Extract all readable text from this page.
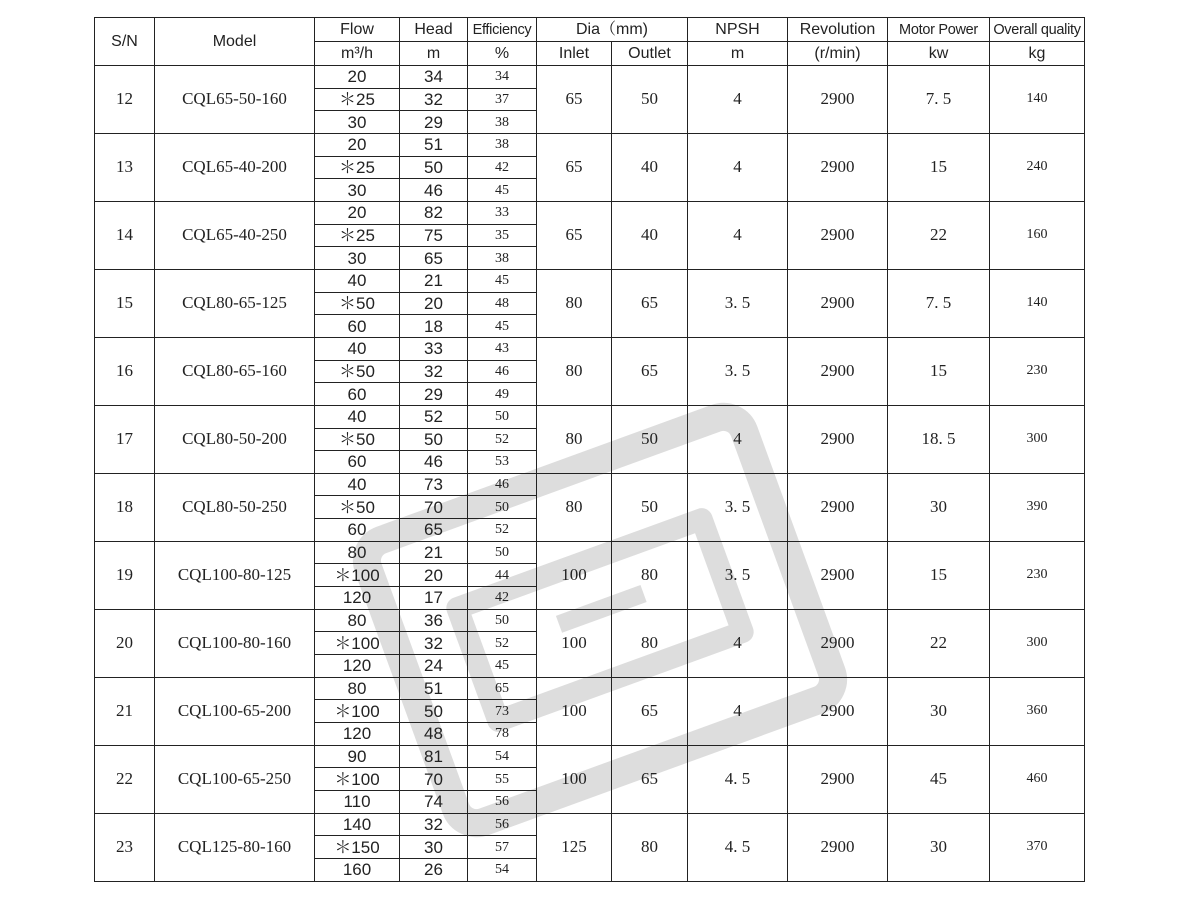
S/N	Model	Flow	Head	Efficiency	Dia（mm)		NPSH	Revolution	Motor Power	Overall quality
		m³/h	m	%	Inlet	Outlet	m	(r/min)	kw	kg
12	CQL65-50-160	20	34	34	65	50	4	2900	7. 5	140
		＊25	32	37						
		30	29	38						
13	CQL65-40-200	20	51	38	65	40	4	2900	15	240
		＊25	50	42						
		30	46	45						
14	CQL65-40-250	20	82	33	65	40	4	2900	22	160
		＊25	75	35						
		30	65	38						
15	CQL80-65-125	40	21	45	80	65	3. 5	2900	7. 5	140
		＊50	20	48						
		60	18	45						
16	CQL80-65-160	40	33	43	80	65	3. 5	2900	15	230
		＊50	32	46						
		60	29	49						
17	CQL80-50-200	40	52	50	80	50	4	2900	18. 5	300
		＊50	50	52						
		60	46	53						
18	CQL80-50-250	40	73	46	80	50	3. 5	2900	30	390
		＊50	70	50						
		60	65	52						
19	CQL100-80-125	80	21	50	100	80	3. 5	2900	15	230
		＊100	20	44						
		120	17	42						
20	CQL100-80-160	80	36	50	100	80	4	2900	22	300
		＊100	32	52						
		120	24	45						
21	CQL100-65-200	80	51	65	100	65	4	2900	30	360
		＊100	50	73						
		120	48	78						
22	CQL100-65-250	90	81	54	100	65	4. 5	2900	45	460
		＊100	70	55						
		110	74	56						
23	CQL125-80-160	140	32	56	125	80	4. 5	2900	30	370
		＊150	30	57						
		160	26	54						
